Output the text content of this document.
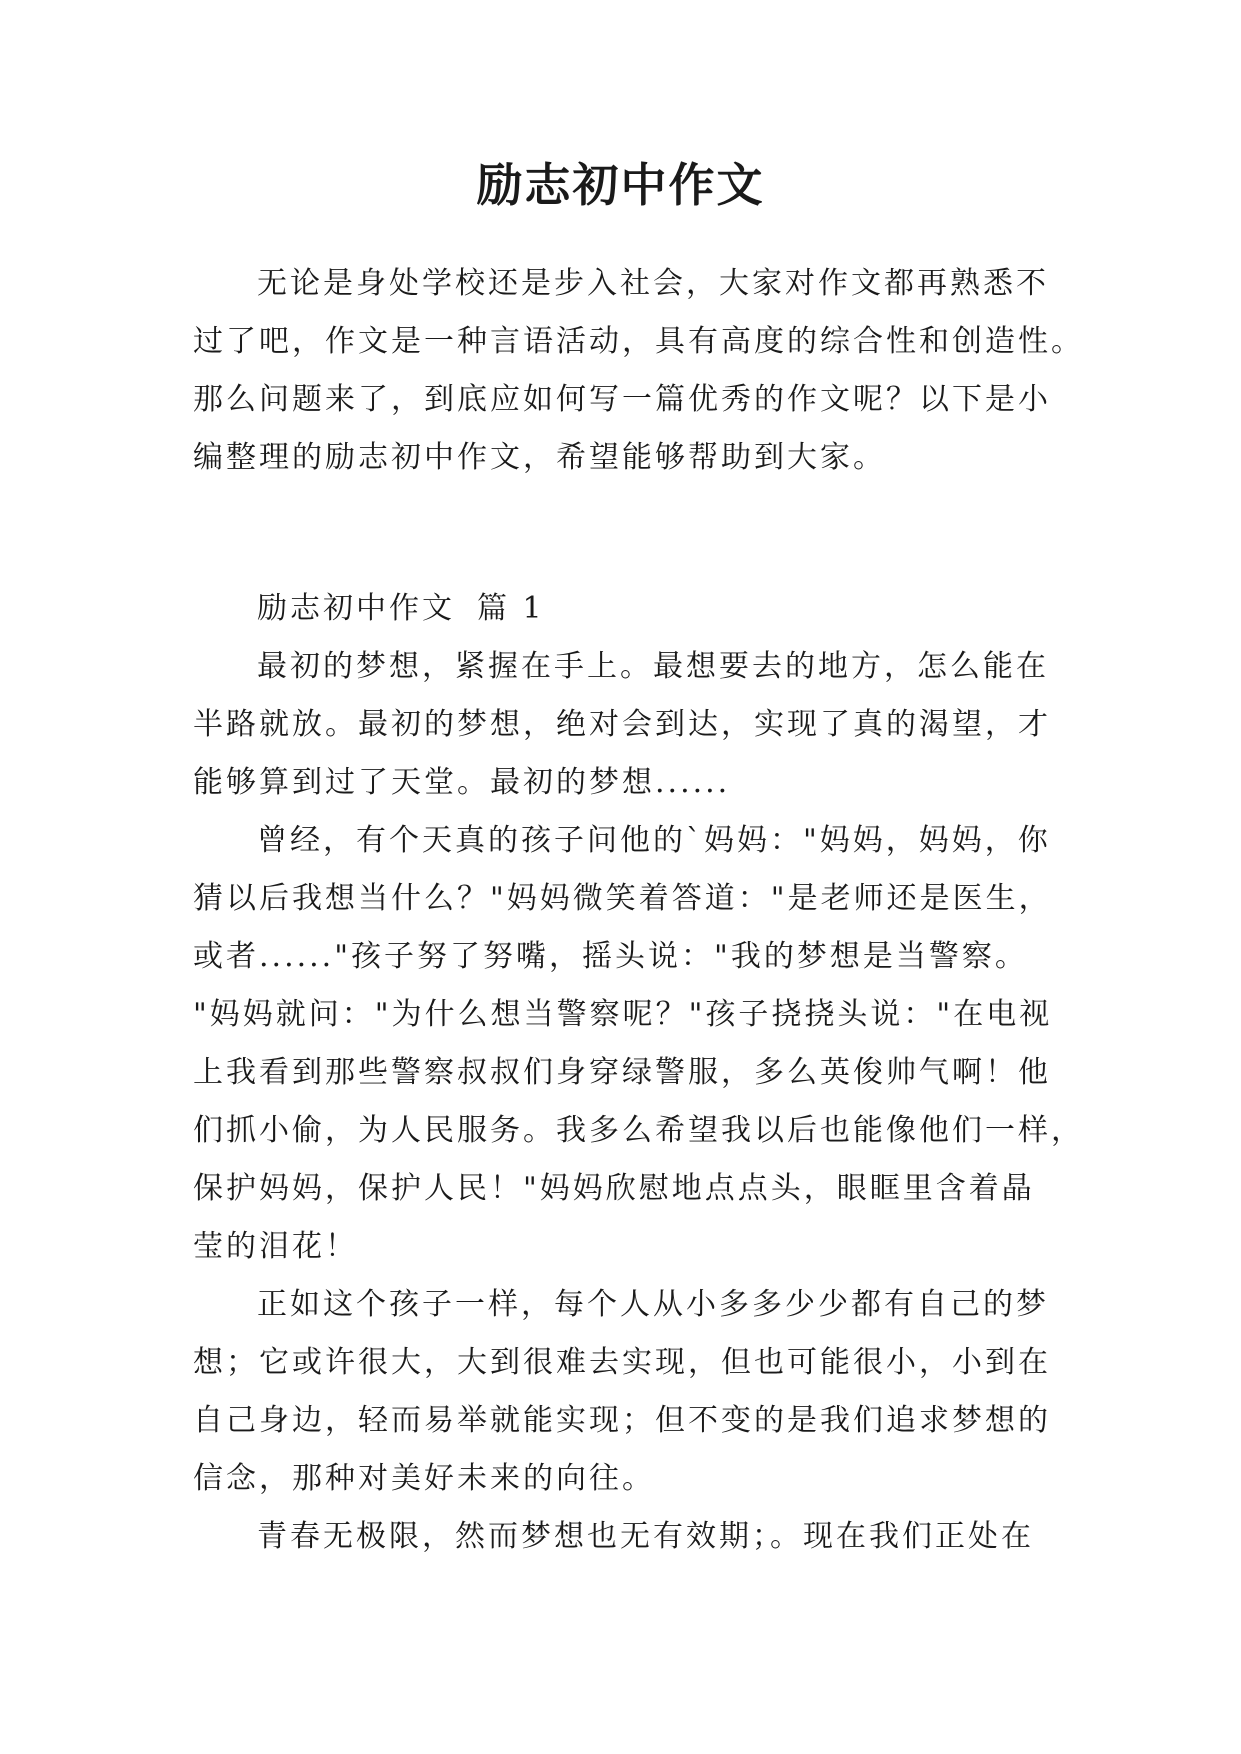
励志初中作文
无论是身处学校还是步入社会，大家对作文都再熟悉不
过了吧，作文是一种言语活动，具有高度的综合性和创造性。
那么问题来了，到底应如何写一篇优秀的作文呢？以下是小
编整理的励志初中作文，希望能够帮助到大家。

励志初中作文 篇 1

最初的梦想，紧握在手上。最想要去的地方，怎么能在
半路就放。最初的梦想，绝对会到达，实现了真的渴望，才
能够算到过了天堂。最初的梦想......
曾经，有个天真的孩子问他的`妈妈："妈妈，妈妈，你
猜以后我想当什么？"妈妈微笑着答道："是老师还是医生，
或者......"孩子努了努嘴，摇头说："我的梦想是当警察。
"妈妈就问："为什么想当警察呢？"孩子挠挠头说："在电视
上我看到那些警察叔叔们身穿绿警服，多么英俊帅气啊！他
们抓小偷，为人民服务。我多么希望我以后也能像他们一样，
保护妈妈，保护人民！"妈妈欣慰地点点头，眼眶里含着晶
莹的泪花！
正如这个孩子一样，每个人从小多多少少都有自己的梦
想；它或许很大，大到很难去实现，但也可能很小，小到在
自己身边，轻而易举就能实现；但不变的是我们追求梦想的
信念，那种对美好未来的向往。
青春无极限，然而梦想也无有效期；。现在我们正处在
